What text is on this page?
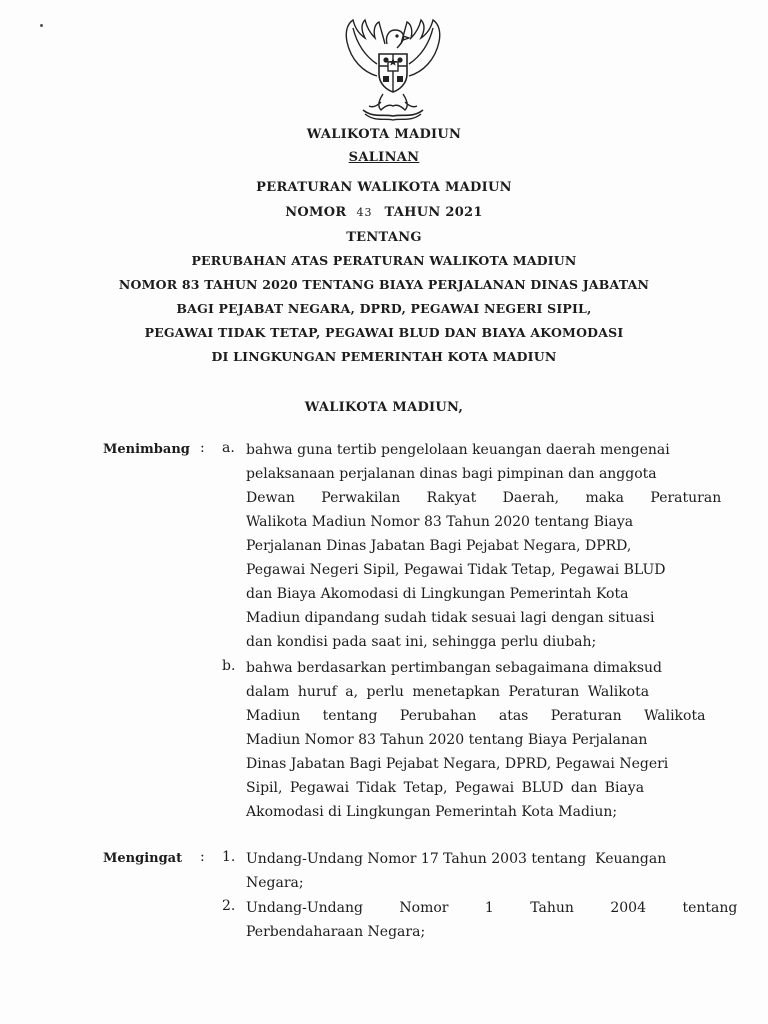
WALIKOTA MADIUN
SALINAN
PERATURAN WALIKOTA MADIUN
NOMOR 43 TAHUN 2021
TENTANG
PERUBAHAN ATAS PERATURAN WALIKOTA MADIUN
NOMOR 83 TAHUN 2020 TENTANG BIAYA PERJALANAN DINAS JABATAN
BAGI PEJABAT NEGARA, DPRD, PEGAWAI NEGERI SIPIL,
PEGAWAI TIDAK TETAP, PEGAWAI BLUD DAN BIAYA AKOMODASI
DI LINGKUNGAN PEMERINTAH KOTA MADIUN
WALIKOTA MADIUN,
Menimbang : a. bahwa guna tertib pengelolaan keuangan daerah mengenai
pelaksanaan perjalanan dinas bagi pimpinan dan anggota
Dewan Perwakilan Rakyat Daerah, maka Peraturan
Walikota Madiun Nomor 83 Tahun 2020 tentang Biaya
Perjalanan Dinas Jabatan Bagi Pejabat Negara, DPRD,
Pegawai Negeri Sipil, Pegawai Tidak Tetap, Pegawai BLUD
dan Biaya Akomodasi di Lingkungan Pemerintah Kota
Madiun dipandang sudah tidak sesuai lagi dengan situasi
dan kondisi pada saat ini, sehingga perlu diubah;
b. bahwa berdasarkan pertimbangan sebagaimana dimaksud
dalam huruf a, perlu menetapkan Peraturan Walikota
Madiun tentang Perubahan atas Peraturan Walikota
Madiun Nomor 83 Tahun 2020 tentang Biaya Perjalanan
Dinas Jabatan Bagi Pejabat Negara, DPRD, Pegawai Negeri
Sipil, Pegawai Tidak Tetap, Pegawai BLUD dan Biaya
Akomodasi di Lingkungan Pemerintah Kota Madiun;
Mengingat : 1. Undang-Undang Nomor 17 Tahun 2003 tentang  Keuangan
Negara;
2. Undang-Undang Nomor 1 Tahun 2004 tentang
Perbendaharaan Negara;
